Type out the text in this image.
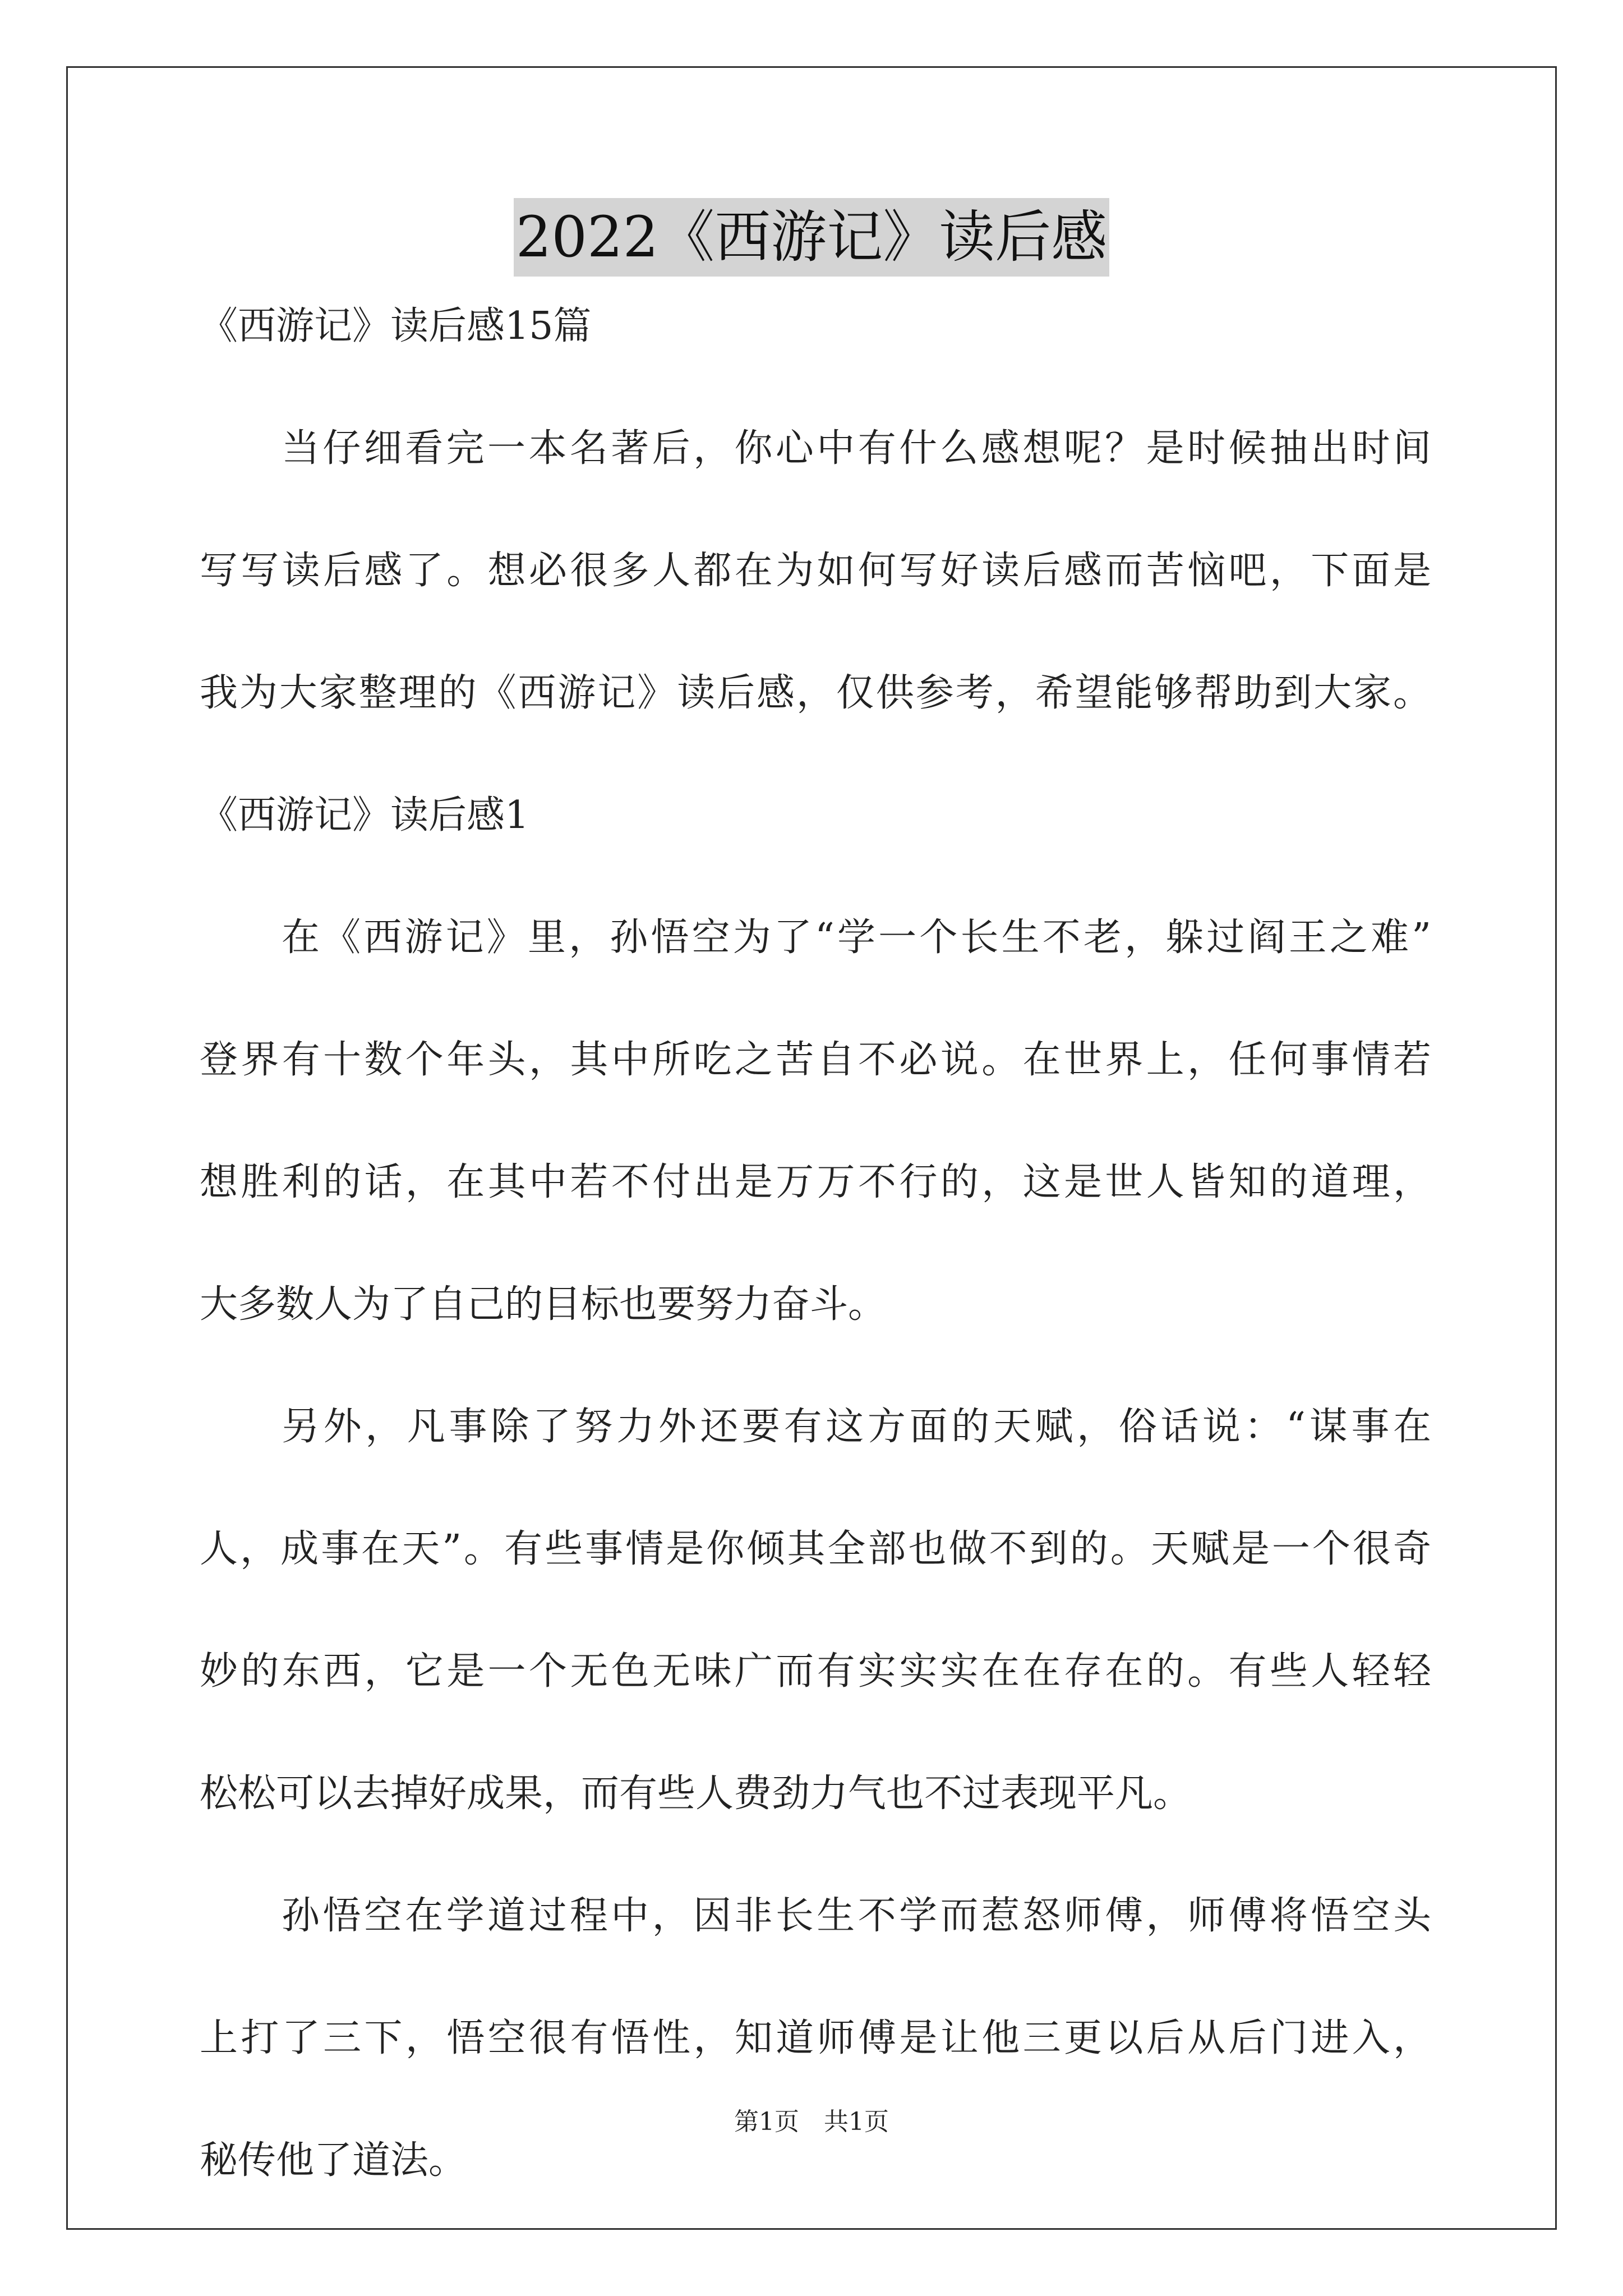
2022《西游记》读后感
《西游记》读后感15篇
当仔细看完一本名著后，你心中有什么感想呢？是时候抽出时间
写写读后感了。想必很多人都在为如何写好读后感而苦恼吧，下面是
我为大家整理的《西游记》读后感，仅供参考，希望能够帮助到大家。
《西游记》读后感1
在《西游记》里，孙悟空为了“学一个长生不老，躲过阎王之难”
登界有十数个年头，其中所吃之苦自不必说。在世界上，任何事情若
想胜利的话，在其中若不付出是万万不行的，这是世人皆知的道理，
大多数人为了自己的目标也要努力奋斗。
另外，凡事除了努力外还要有这方面的天赋，俗话说：“谋事在
人，成事在天”。有些事情是你倾其全部也做不到的。天赋是一个很奇
妙的东西，它是一个无色无味广而有实实实在在存在的。有些人轻轻
松松可以去掉好成果，而有些人费劲力气也不过表现平凡。
孙悟空在学道过程中，因非长生不学而惹怒师傅，师傅将悟空头
上打了三下，悟空很有悟性，知道师傅是让他三更以后从后门进入，
秘传他了道法。
第1页　共1页
